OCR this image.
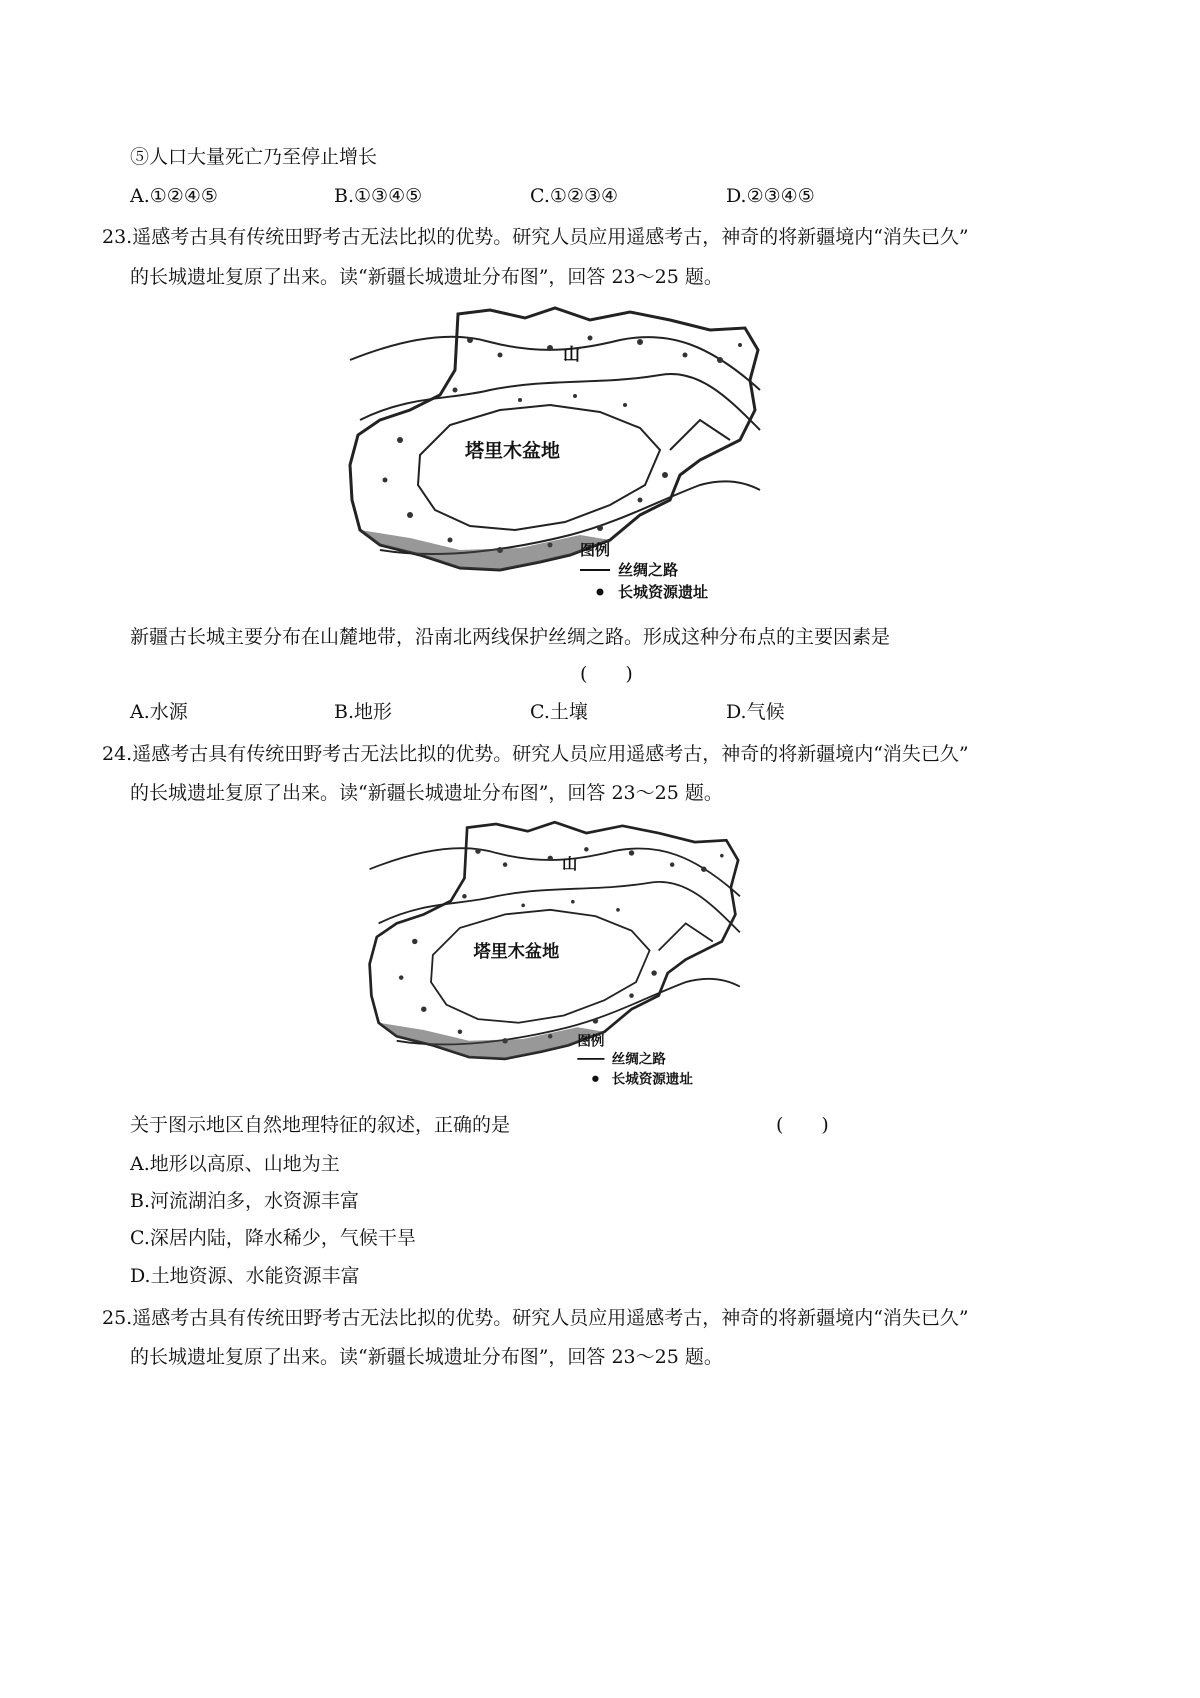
⑤人口大量死亡乃至停止增长
A.①②④⑤	B.①③④⑤	C.①②③④	D.②③④⑤
23.遥感考古具有传统田野考古无法比拟的优势。研究人员应用遥感考古，神奇的将新疆境内“消失已久”
的长城遗址复原了出来。读“新疆长城遗址分布图”，回答 23～25 题。
塔里木盆地
山
图例
丝绸之路
长城资源遗址
新疆古长城主要分布在山麓地带，沿南北两线保护丝绸之路。形成这种分布点的主要因素是
(　　)
A.水源	B.地形	C.土壤	D.气候
24.遥感考古具有传统田野考古无法比拟的优势。研究人员应用遥感考古，神奇的将新疆境内“消失已久”
的长城遗址复原了出来。读“新疆长城遗址分布图”，回答 23～25 题。
塔里木盆地
山
图例
丝绸之路
长城资源遗址
关于图示地区自然地理特征的叙述，正确的是	(　　)
A.地形以高原、山地为主
B.河流湖泊多，水资源丰富
C.深居内陆，降水稀少，气候干旱
D.土地资源、水能资源丰富
25.遥感考古具有传统田野考古无法比拟的优势。研究人员应用遥感考古，神奇的将新疆境内“消失已久”
的长城遗址复原了出来。读“新疆长城遗址分布图”，回答 23～25 题。
